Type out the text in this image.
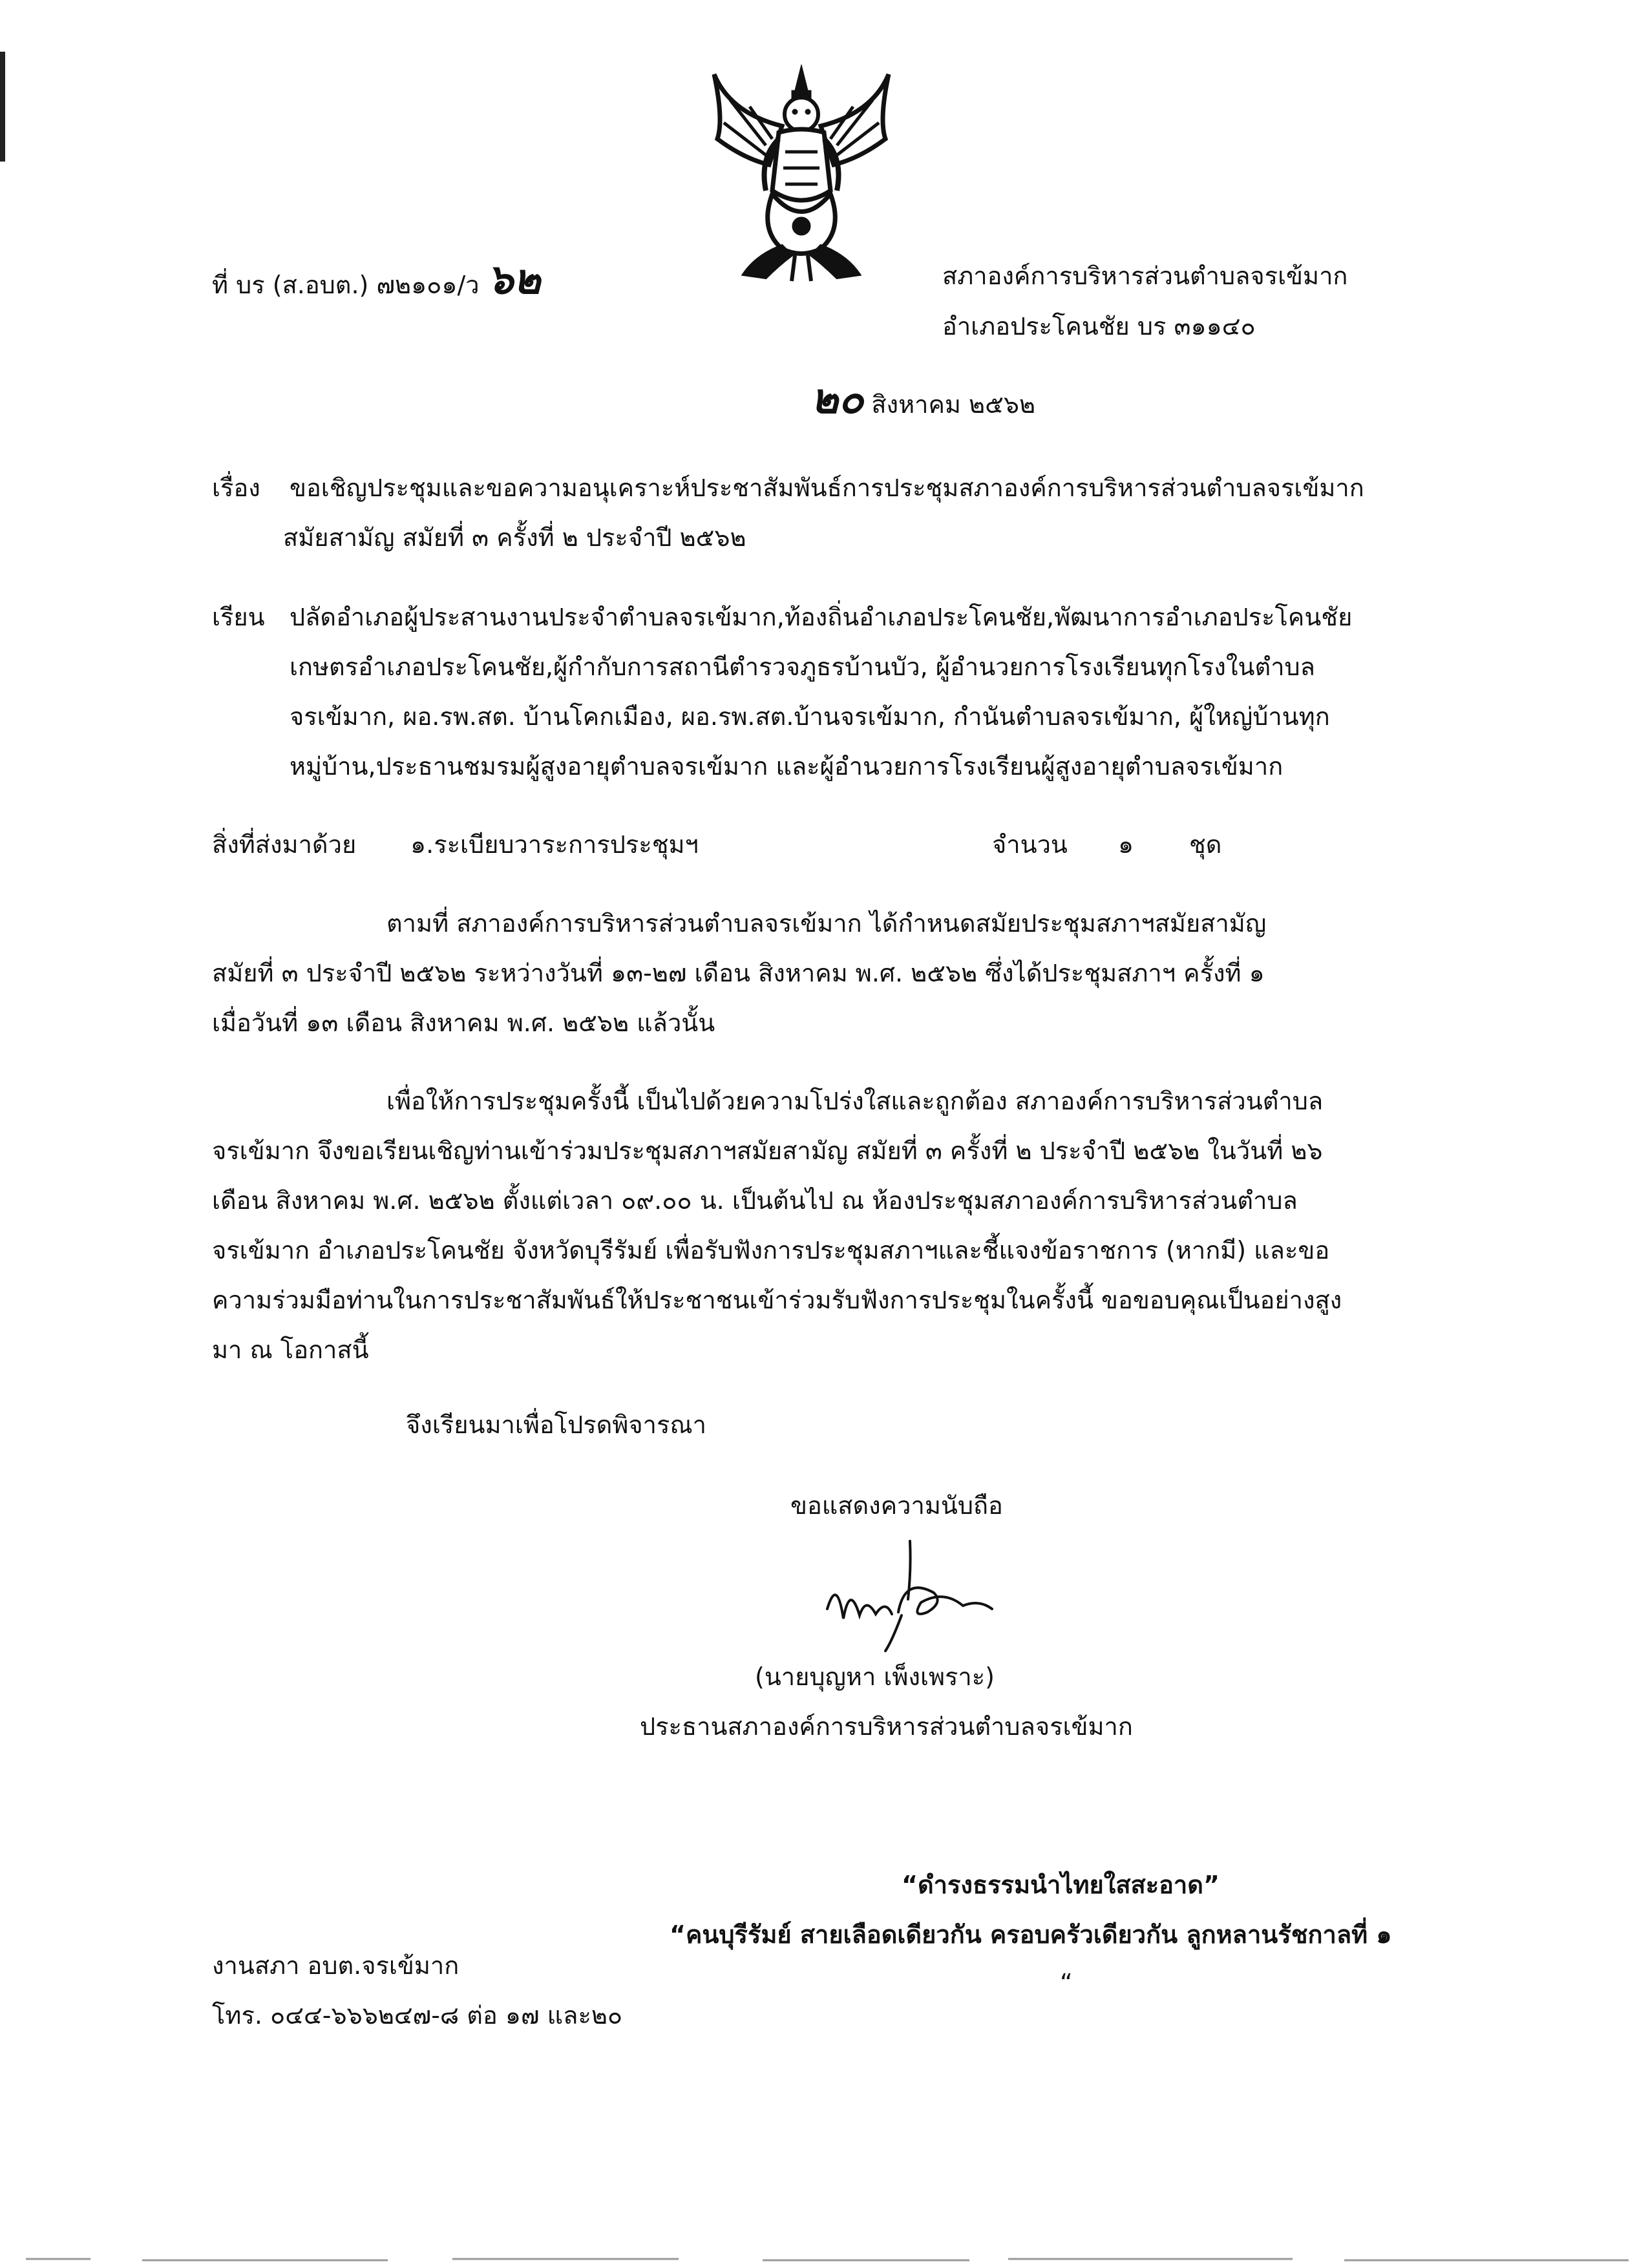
ที่ บร (ส.อบต.) ๗๒๑๐๑/ว ๖๒	สภาองค์การบริหารส่วนตำบลจรเข้มาก
อำเภอประโคนชัย บร ๓๑๑๔๐
๒๐ สิงหาคม ๒๕๖๒
เรื่อง ขอเชิญประชุมและขอความอนุเคราะห์ประชาสัมพันธ์การประชุมสภาองค์การบริหารส่วนตำบลจรเข้มาก
สมัยสามัญ สมัยที่ ๓ ครั้งที่ ๒ ประจำปี ๒๕๖๒
เรียน ปลัดอำเภอผู้ประสานงานประจำตำบลจรเข้มาก,ท้องถิ่นอำเภอประโคนชัย,พัฒนาการอำเภอประโคนชัย
เกษตรอำเภอประโคนชัย,ผู้กำกับการสถานีตำรวจภูธรบ้านบัว, ผู้อำนวยการโรงเรียนทุกโรงในตำบล
จรเข้มาก, ผอ.รพ.สต. บ้านโคกเมือง, ผอ.รพ.สต.บ้านจรเข้มาก, กำนันตำบลจรเข้มาก, ผู้ใหญ่บ้านทุก
หมู่บ้าน,ประธานชมรมผู้สูงอายุตำบลจรเข้มาก และผู้อำนวยการโรงเรียนผู้สูงอายุตำบลจรเข้มาก
สิ่งที่ส่งมาด้วย ๑.ระเบียบวาระการประชุมฯ	จำนวน ๑ ชุด
ตามที่ สภาองค์การบริหารส่วนตำบลจรเข้มาก ได้กำหนดสมัยประชุมสภาฯสมัยสามัญ
สมัยที่ ๓ ประจำปี ๒๕๖๒ ระหว่างวันที่ ๑๓-๒๗ เดือน สิงหาคม พ.ศ. ๒๕๖๒ ซึ่งได้ประชุมสภาฯ ครั้งที่ ๑
เมื่อวันที่ ๑๓ เดือน สิงหาคม พ.ศ. ๒๕๖๒ แล้วนั้น
เพื่อให้การประชุมครั้งนี้ เป็นไปด้วยความโปร่งใสและถูกต้อง สภาองค์การบริหารส่วนตำบล
จรเข้มาก จึงขอเรียนเชิญท่านเข้าร่วมประชุมสภาฯสมัยสามัญ สมัยที่ ๓ ครั้งที่ ๒ ประจำปี ๒๕๖๒ ในวันที่ ๒๖
เดือน สิงหาคม พ.ศ. ๒๕๖๒ ตั้งแต่เวลา ๐๙.๐๐ น. เป็นต้นไป ณ ห้องประชุมสภาองค์การบริหารส่วนตำบล
จรเข้มาก อำเภอประโคนชัย จังหวัดบุรีรัมย์ เพื่อรับฟังการประชุมสภาฯและชี้แจงข้อราชการ (หากมี) และขอ
ความร่วมมือท่านในการประชาสัมพันธ์ให้ประชาชนเข้าร่วมรับฟังการประชุมในครั้งนี้ ขอขอบคุณเป็นอย่างสูง
มา ณ โอกาสนี้
จึงเรียนมาเพื่อโปรดพิจารณา
ขอแสดงความนับถือ
(นายบุญหา เพ็งเพราะ)
ประธานสภาองค์การบริหารส่วนตำบลจรเข้มาก
“ดำรงธรรมนำไทยใสสะอาด”
“คนบุรีรัมย์ สายเลือดเดียวกัน ครอบครัวเดียวกัน ลูกหลานรัชกาลที่ ๑
“
งานสภา อบต.จรเข้มาก
โทร. ๐๔๔-๖๖๖๒๔๗-๘ ต่อ ๑๗ และ๒๐
